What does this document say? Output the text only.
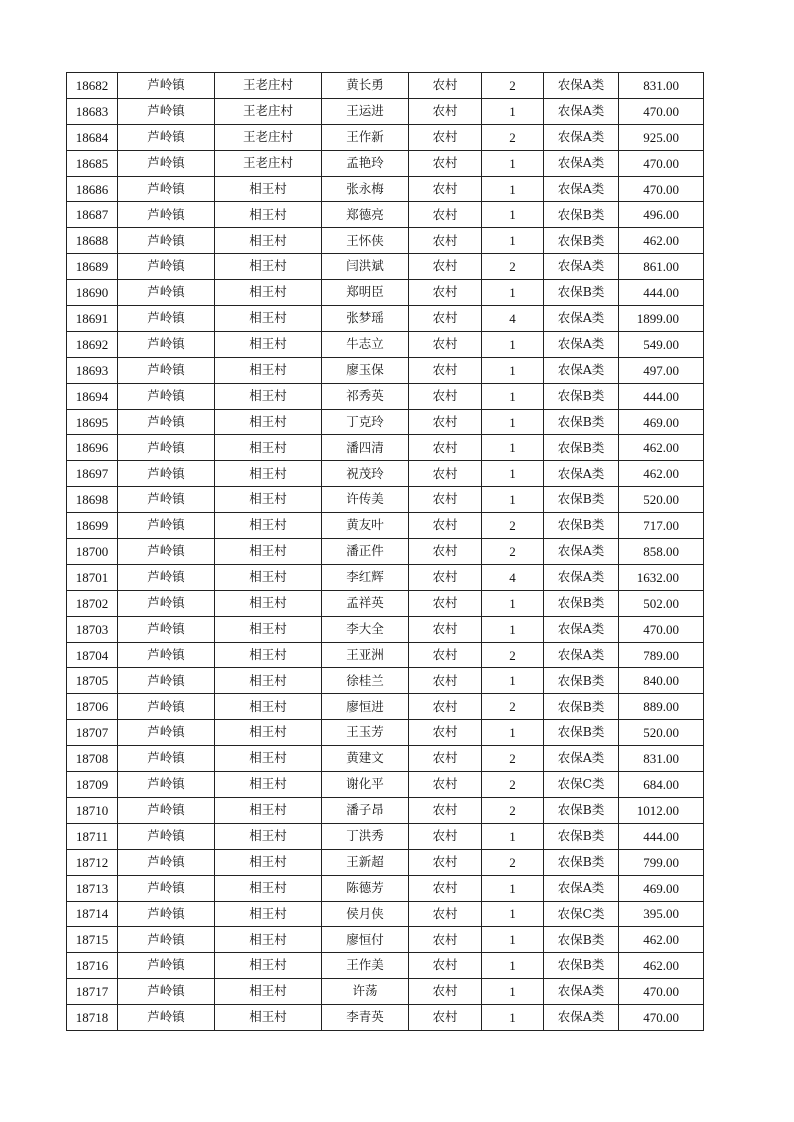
18682	芦岭镇	王老庄村	黄长勇	农村	2	农保A类	831.00
18683	芦岭镇	王老庄村	王运进	农村	1	农保A类	470.00
18684	芦岭镇	王老庄村	王作新	农村	2	农保A类	925.00
18685	芦岭镇	王老庄村	孟艳玲	农村	1	农保A类	470.00
18686	芦岭镇	相王村	张永梅	农村	1	农保A类	470.00
18687	芦岭镇	相王村	郑德亮	农村	1	农保B类	496.00
18688	芦岭镇	相王村	王怀侠	农村	1	农保B类	462.00
18689	芦岭镇	相王村	闫洪斌	农村	2	农保A类	861.00
18690	芦岭镇	相王村	郑明臣	农村	1	农保B类	444.00
18691	芦岭镇	相王村	张梦瑶	农村	4	农保A类	1899.00
18692	芦岭镇	相王村	牛志立	农村	1	农保A类	549.00
18693	芦岭镇	相王村	廖玉保	农村	1	农保A类	497.00
18694	芦岭镇	相王村	祁秀英	农村	1	农保B类	444.00
18695	芦岭镇	相王村	丁克玲	农村	1	农保B类	469.00
18696	芦岭镇	相王村	潘四清	农村	1	农保B类	462.00
18697	芦岭镇	相王村	祝茂玲	农村	1	农保A类	462.00
18698	芦岭镇	相王村	许传美	农村	1	农保B类	520.00
18699	芦岭镇	相王村	黄友叶	农村	2	农保B类	717.00
18700	芦岭镇	相王村	潘正件	农村	2	农保A类	858.00
18701	芦岭镇	相王村	李红辉	农村	4	农保A类	1632.00
18702	芦岭镇	相王村	孟祥英	农村	1	农保B类	502.00
18703	芦岭镇	相王村	李大全	农村	1	农保A类	470.00
18704	芦岭镇	相王村	王亚洲	农村	2	农保A类	789.00
18705	芦岭镇	相王村	徐桂兰	农村	1	农保B类	840.00
18706	芦岭镇	相王村	廖恒进	农村	2	农保B类	889.00
18707	芦岭镇	相王村	王玉芳	农村	1	农保B类	520.00
18708	芦岭镇	相王村	黄建文	农村	2	农保A类	831.00
18709	芦岭镇	相王村	谢化平	农村	2	农保C类	684.00
18710	芦岭镇	相王村	潘子昂	农村	2	农保B类	1012.00
18711	芦岭镇	相王村	丁洪秀	农村	1	农保B类	444.00
18712	芦岭镇	相王村	王新超	农村	2	农保B类	799.00
18713	芦岭镇	相王村	陈德芳	农村	1	农保A类	469.00
18714	芦岭镇	相王村	侯月侠	农村	1	农保C类	395.00
18715	芦岭镇	相王村	廖恒付	农村	1	农保B类	462.00
18716	芦岭镇	相王村	王作美	农村	1	农保B类	462.00
18717	芦岭镇	相王村	许荡	农村	1	农保A类	470.00
18718	芦岭镇	相王村	李青英	农村	1	农保A类	470.00
